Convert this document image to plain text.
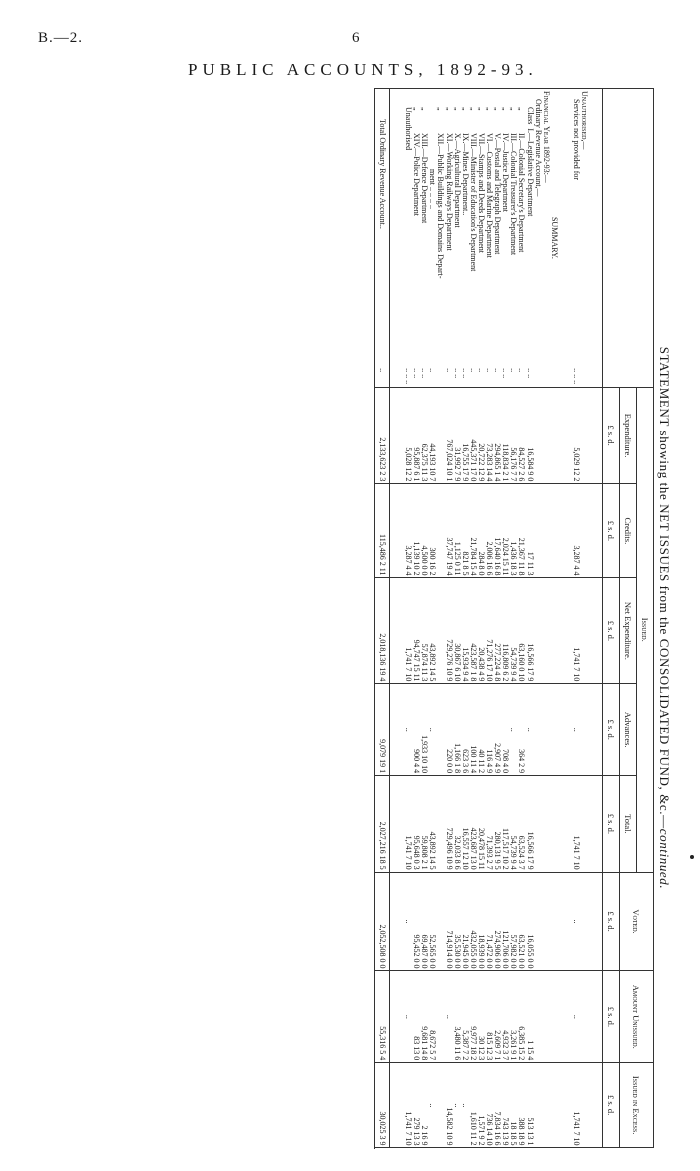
B.—2.	6
PUBLIC ACCOUNTS, 1892-93.
STATEMENT showing the NET ISSUES from the CONSOLIDATED FUND, &c.—continued.
		Issued.					Voted.	Amount Unissued.	Issued in Excess.
		Expenditure.	Credits.	Net Expenditure.	Advances.	Total.			
		£ s. d.	£ s. d.	£ s. d.	£ s. d.	£ s. d.	£ s. d.	£ s. d.	£ s. d.

Unauthorised,—									
Services not provided for	.. .. ..	5,029 12 2	3,287 4 4	1,741 7 10	..	1,741 7 10	..	..	1,741 7 10

SUMMARY.									
Financial Year 1892-93:—									
Ordinary Revenue Account,—									
ClassI.—Legislative Department	.. ..	16,584 9 0	17 11 3	16,566 17 9	..	16,566 17 9	16,055 0 0	1 15 4	513 13 1
„II.—Colonial Secretary's Department	..	84,527 2 6	21,367 11 8	63,160 0 10	364 2 9	63,524 3 7	63,521 0 0	6,385 15 2	388 18 9
„III.—Colonial Treasurer's Department	..	56,176 7 7	1,436 18 3	54,739 9 4	..	54,739 9 4	57,982 0 0	3,261 9 1	18 18 5
„IV.—Justice Department	.. ..	118,834 2 1	2,024 15 11	116,809 6 2	708 4 0	117,517 10 2	121,706 0 0	4,932 3 7	743 13 9
„V.—Postal and Telegraph Department	..	294,865 1 4	17,640 16 8	277,224 4 8	2,907 4 9	280,131 9 5	274,906 0 0	2,609 7 1	7,834 16 6
„VI.—Customs and Marine Department	..	73,283 14 4	2,006 16 6	71,276 17 10	116 4 9	71,393 2 7	71,472 0 0	815 12 3	736 14 10
„VII.—Stamps and Deeds Department	..	20,722 12 9	284 8 0	20,438 4 9	40 11 2	20,478 15 11	18,939 0 0	30 12 3	1,571 9 2
„VIII.—Minister of Education's Department	..	445,371 17 0	21,784 15 4	423,587 1 8	100 11 4	423,687 13 0	432,055 0 0	9,977 18 2	1,610 11 2
„IX.—Mines Department..	.. ..	16,755 17 9	821 8 5	15,934 9 4	623 3 6	16,557 12 10	21,945 0 0	5,387 7 2	..
„X.—Agricultural Department	.. ..	31,992 7 9	1,125 0 11	30,867 6 10	1,166 1 8	32,033 8 6	35,530 0 0	3,480 11 6	..
„XI.—Working Railways Department	..	767,024 10 1	37,747 19 4	729,276 10 9	220 0 0	729,496 10 9	714,914 0 0	..	14,582 10 9
„XII.—Public Buildings and Domains Depart-									
ment .. .. .. ..	..	44,193 10 7	300 16 2	43,892 14 5	..	43,892 14 5	52,565 0 0	8,672 5 7	..
„XIII.—Defence Department	.. ..	62,375 11 3	4,500 0 0	57,874 11 3	1,933 10 10	59,808 2 1	69,487 0 0	9,681 14 8	2 16 9
„XIV.—Police Department	.. ..	95,887 6 1	1,139 10 2	94,747 15 11	900 4 4	95,648 0 3	95,452 0 0	83 13 0	279 13 3
Unauthorised	.. .. ..	5,028 12 2	3,287 4 4	1,741 7 10	..	1,741 7 10	..	..	1,741 7 10

Total Ordinary Revenue Account..	..	2,133,623 2 3	115,486 2 11	2,018,136 19 4	9,079 19 1	2,027,216 18 5	2,052,508 0 0	55,316 5 4	30,025 3 9
